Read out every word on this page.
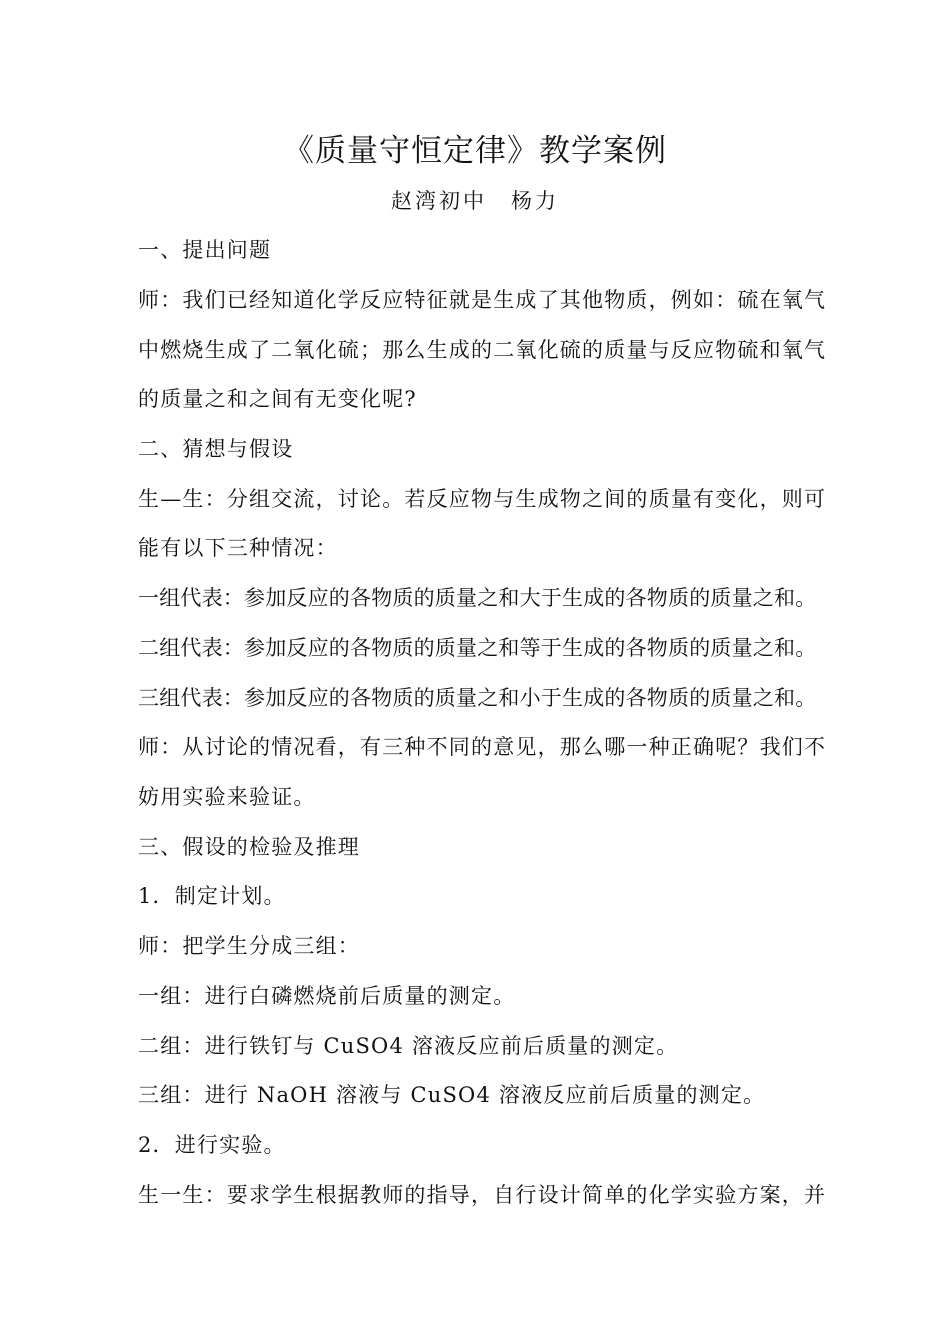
《质量守恒定律》教学案例
赵湾初中　杨力
一、提出问题
师：我们已经知道化学反应特征就是生成了其他物质，例如：硫在氧气
中燃烧生成了二氧化硫；那么生成的二氧化硫的质量与反应物硫和氧气
的质量之和之间有无变化呢?
二、猜想与假设
生—生：分组交流，讨论。若反应物与生成物之间的质量有变化，则可
能有以下三种情况：
一组代表：参加反应的各物质的质量之和大于生成的各物质的质量之和。
二组代表：参加反应的各物质的质量之和等于生成的各物质的质量之和。
三组代表：参加反应的各物质的质量之和小于生成的各物质的质量之和。
师：从讨论的情况看，有三种不同的意见，那么哪一种正确呢？我们不
妨用实验来验证。
三、假设的检验及推理
1．制定计划。
师：把学生分成三组：
一组：进行白磷燃烧前后质量的测定。
二组：进行铁钉与 CuSO4 溶液反应前后质量的测定。
三组：进行 NaOH 溶液与 CuSO4 溶液反应前后质量的测定。
2．进行实验。
生一生：要求学生根据教师的指导，自行设计简单的化学实验方案，并
